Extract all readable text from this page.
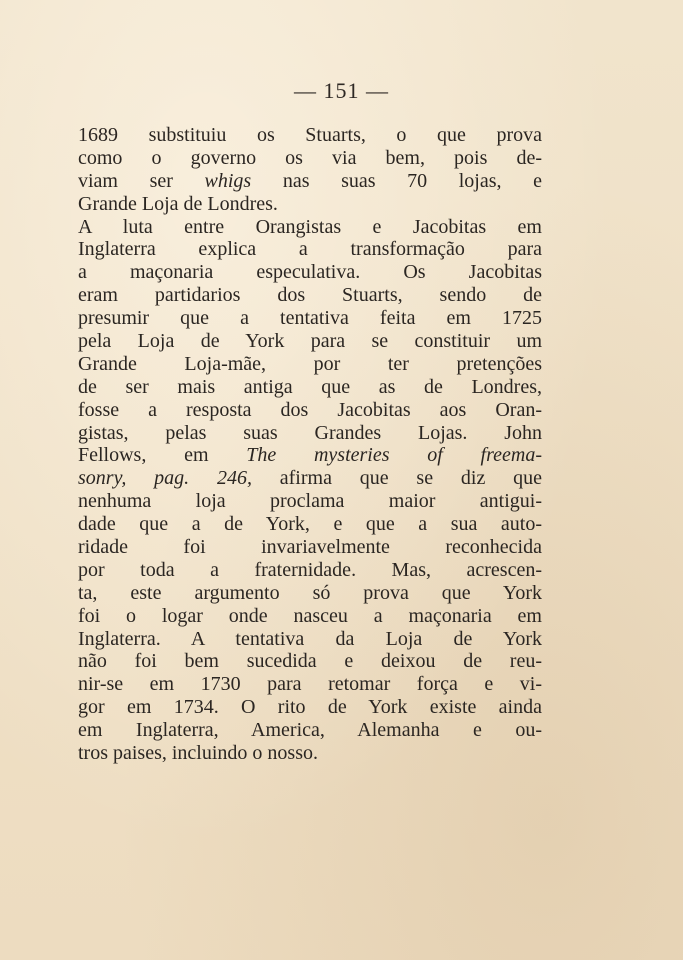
— 151 —
1689 substituiu os Stuarts, o que prova
como o governo os via bem, pois de-
viam ser whigs nas suas 70 lojas, e
Grande Loja de Londres.
A luta entre Orangistas e Jacobitas em
Inglaterra explica a transformação para
a maçonaria especulativa. Os Jacobitas
eram partidarios dos Stuarts, sendo de
presumir que a tentativa feita em 1725
pela Loja de York para se constituir um
Grande Loja-mãe, por ter pretenções
de ser mais antiga que as de Londres,
fosse a resposta dos Jacobitas aos Oran-
gistas, pelas suas Grandes Lojas. John
Fellows, em The mysteries of freema-
sonry, pag. 246, afirma que se diz que
nenhuma loja proclama maior antigui-
dade que a de York, e que a sua auto-
ridade foi invariavelmente reconhecida
por toda a fraternidade. Mas, acrescen-
ta, este argumento só prova que York
foi o logar onde nasceu a maçonaria em
Inglaterra. A tentativa da Loja de York
não foi bem sucedida e deixou de reu-
nir-se em 1730 para retomar força e vi-
gor em 1734. O rito de York existe ainda
em Inglaterra, America, Alemanha e ou-
tros paises, incluindo o nosso.
